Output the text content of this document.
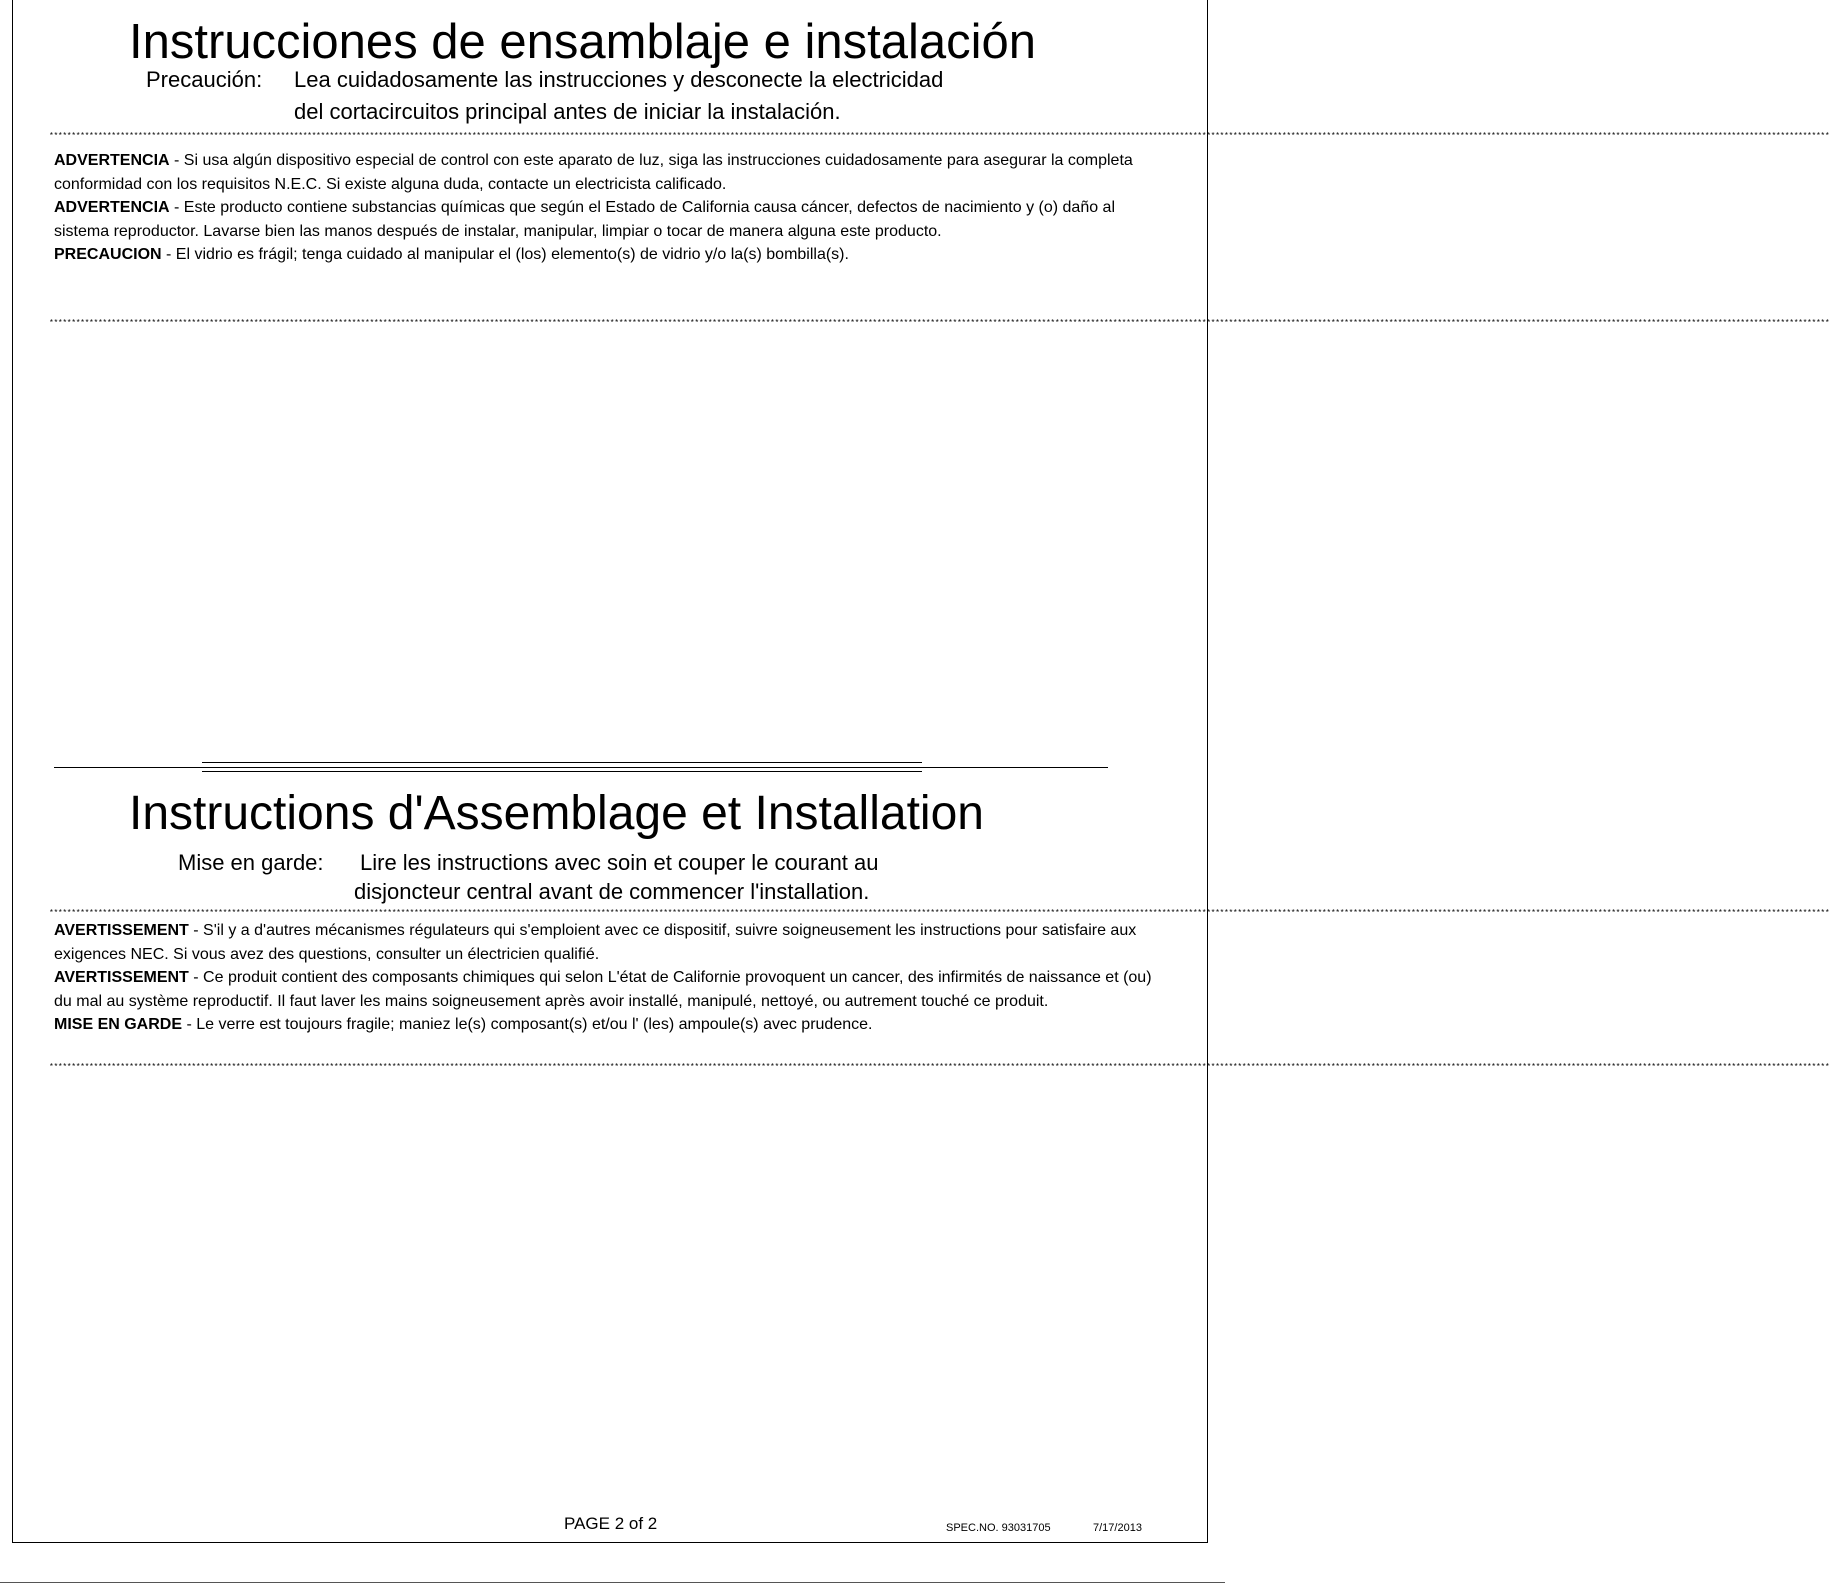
Instrucciones de ensamblaje e instalación
Precaución: Lea cuidadosamente las instrucciones y desconecte la electricidad
del cortacircuitos principal antes de iniciar la instalación.
****************************************************************************************************************************************************************************************************************************************************************************************************************************************************************************************************************

ADVERTENCIA - Si usa algún dispositivo especial de control con este aparato de luz, siga las instrucciones cuidadosamente para asegurar la completa conformidad con los requisitos N.E.C. Si existe alguna duda, contacte un electricista calificado.

ADVERTENCIA - Este producto contiene substancias químicas que según el Estado de California causa cáncer, defectos de nacimiento y (o) daño al sistema reproductor. Lavarse bien las manos después de instalar, manipular, limpiar o tocar de manera alguna este producto.

PRECAUCION - El vidrio es frágil; tenga cuidado al manipular el (los) elemento(s) de vidrio y/o la(s) bombilla(s).

****************************************************************************************************************************************************************************************************************************************************************************************************************************************************************************************************************
Instructions d'Assemblage et Installation
Mise en garde: Lire les instructions avec soin et couper le courant au
disjoncteur central avant de commencer l'installation.
****************************************************************************************************************************************************************************************************************************************************************************************************************************************************************************************************************

AVERTISSEMENT - S'il y a d'autres mécanismes régulateurs qui s'emploient avec ce dispositif, suivre soigneusement les instructions pour satisfaire aux exigences NEC. Si vous avez des questions, consulter un électricien qualifié.

AVERTISSEMENT - Ce produit contient des composants chimiques qui selon L'état de Californie provoquent un cancer, des infirmités de naissance et (ou) du mal au système reproductif. Il faut laver les mains soigneusement après avoir installé, manipulé, nettoyé, ou autrement touché ce produit.

MISE EN GARDE - Le verre est toujours fragile; maniez le(s) composant(s) et/ou l' (les) ampoule(s) avec prudence.

****************************************************************************************************************************************************************************************************************************************************************************************************************************************************************************************************************
PAGE 2 of 2	SPEC.NO. 93031705	7/17/2013
